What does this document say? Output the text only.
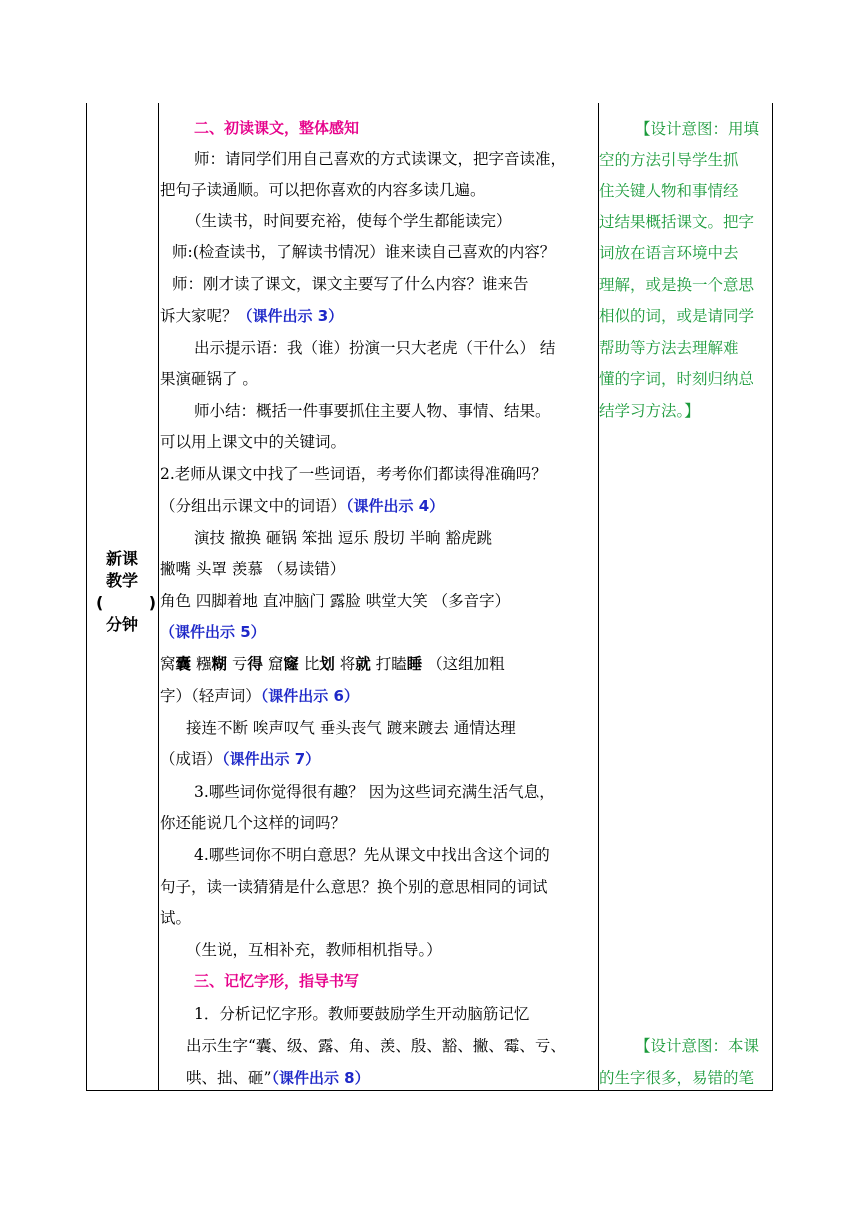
新课
教学
(	)
分钟
二、初读课文，整体感知
师：请同学们用自己喜欢的方式读课文，把字音读准，
把句子读通顺。可以把你喜欢的内容多读几遍。
（生读书，时间要充裕，使每个学生都能读完）
师:(检查读书，了解读书情况）谁来读自己喜欢的内容？
师：刚才读了课文，课文主要写了什么内容？谁来告
诉大家呢？（课件出示 3）
出示提示语：我（谁）扮演一只大老虎（干什么） 结
果演砸锅了 。
师小结：概括一件事要抓住主要人物、事情、结果。
可以用上课文中的关键词。
2.老师从课文中找了一些词语，考考你们都读得准确吗？
（分组出示课文中的词语）（课件出示 4）
演技 撤换 砸锅 笨拙 逗乐 殷切 半晌 豁虎跳
撇嘴 头罩 羡慕 （易读错）
角色 四脚着地 直冲脑门 露脸 哄堂大笑 （多音字）
（课件出示 5）
窝囊 糨糊 亏得 窟窿 比划 将就 打瞌睡 （这组加粗
字）（轻声词）（课件出示 6）
接连不断 唉声叹气 垂头丧气 踱来踱去 通情达理
（成语）（课件出示 7）
3.哪些词你觉得很有趣？ 因为这些词充满生活气息，
你还能说几个这样的词吗？
4.哪些词你不明白意思？先从课文中找出含这个词的
句子，读一读猜猜是什么意思？换个别的意思相同的词试
试。
（生说，互相补充，教师相机指导。）
三、记忆字形，指导书写
1．分析记忆字形。教师要鼓励学生开动脑筋记忆
出示生字“囊、级、露、角、羡、殷、豁、撇、霉、亏、
哄、拙、砸”（课件出示 8）
【设计意图：用填
空的方法引导学生抓
住关键人物和事情经
过结果概括课文。把字
词放在语言环境中去
理解，或是换一个意思
相似的词，或是请同学
帮助等方法去理解难
懂的字词，时刻归纳总
结学习方法。】
【设计意图：本课
的生字很多，易错的笔
